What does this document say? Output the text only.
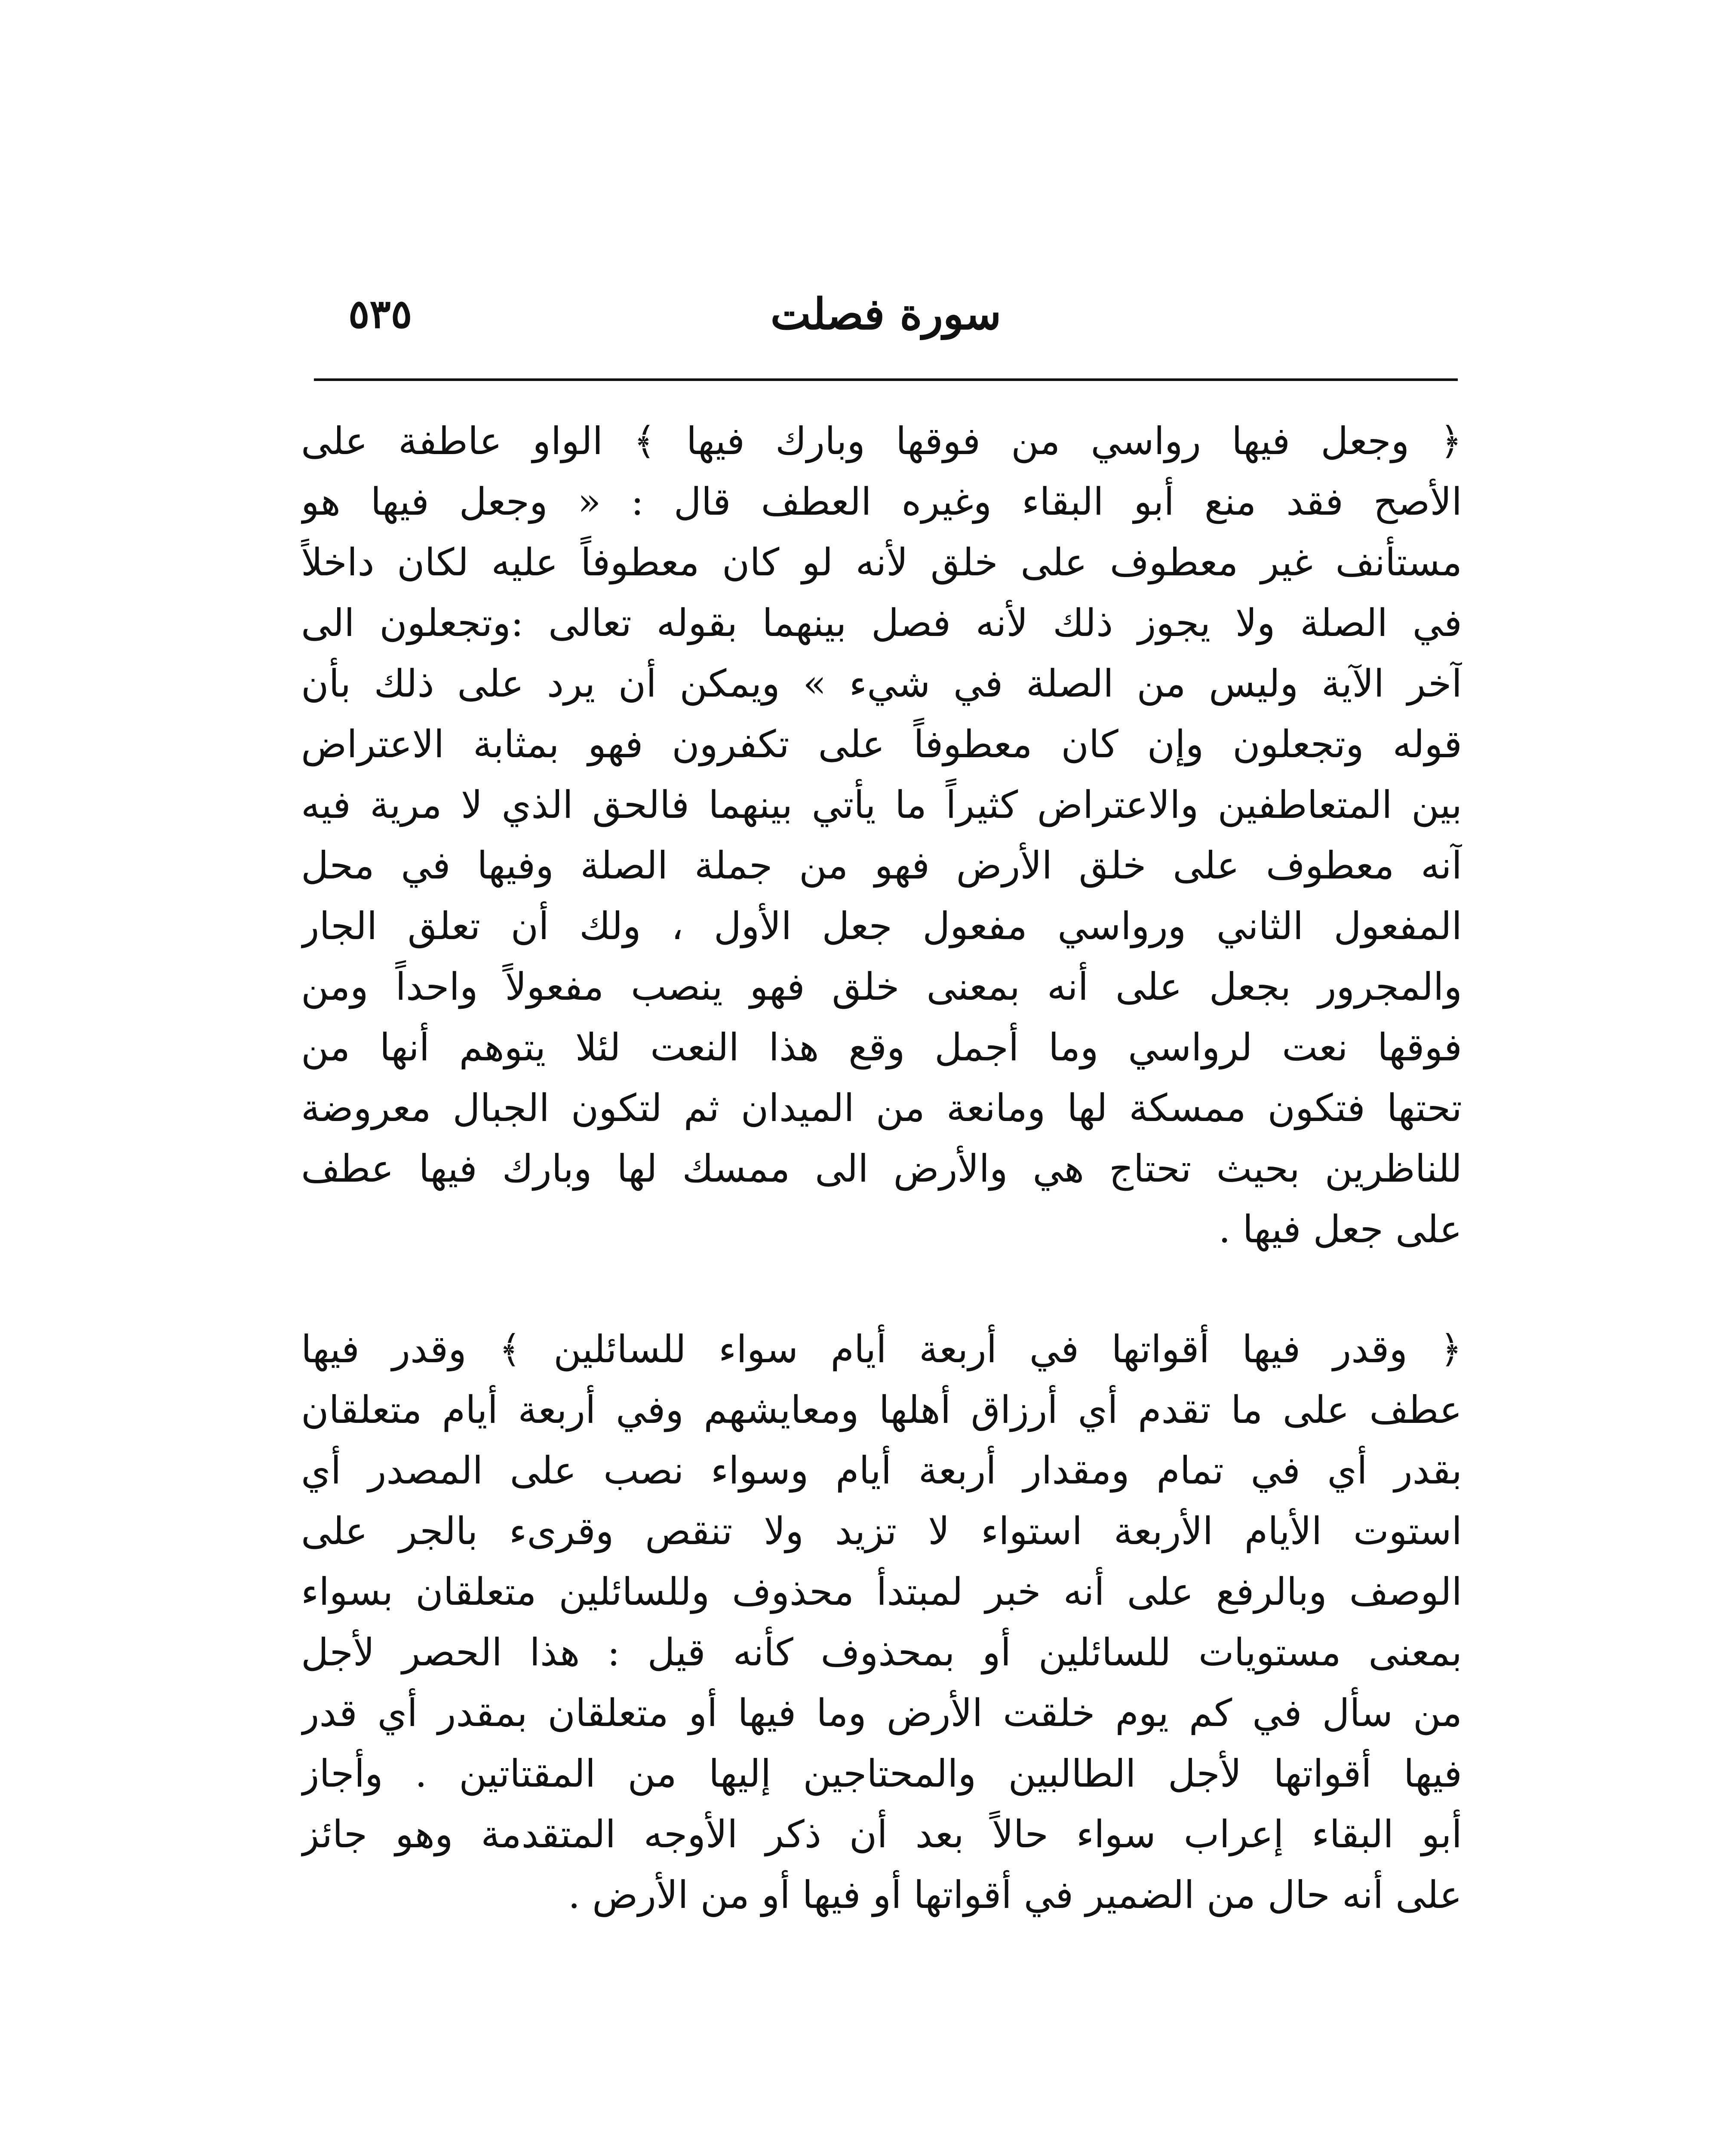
٥٣٥	سورة فصلت
﴿ وجعل فيها رواسي من فوقها وبارك فيها ﴾ الواو عاطفة على
الأصح فقد منع أبو البقاء وغيره العطف قال : « وجعل فيها هو
مستأنف غير معطوف على خلق لأنه لو كان معطوفاً عليه لكان داخلاً
في الصلة ولا يجوز ذلك لأنه فصل بينهما بقوله تعالى :وتجعلون الى
آخر الآية وليس من الصلة في شيء » ويمكن أن يرد على ذلك بأن
قوله وتجعلون وإن كان معطوفاً على تكفرون فهو بمثابة الاعتراض
بين المتعاطفين والاعتراض كثيراً ما يأتي بينهما فالحق الذي لا مرية فيه
آنه معطوف على خلق الأرض فهو من جملة الصلة وفيها في محل
المفعول الثاني ورواسي مفعول جعل الأول ، ولك أن تعلق الجار
والمجرور بجعل على أنه بمعنى خلق فهو ينصب مفعولاً واحداً ومن
فوقها نعت لرواسي وما أجمل وقع هذا النعت لئلا يتوهم أنها من
تحتها فتكون ممسكة لها ومانعة من الميدان ثم لتكون الجبال معروضة
للناظرين بحيث تحتاج هي والأرض الى ممسك لها وبارك فيها عطف
على جعل فيها .
﴿ وقدر فيها أقواتها في أربعة أيام سواء للسائلين ﴾ وقدر فيها
عطف على ما تقدم أي أرزاق أهلها ومعايشهم وفي أربعة أيام متعلقان
بقدر أي في تمام ومقدار أربعة أيام وسواء نصب على المصدر أي
استوت الأيام الأربعة استواء لا تزيد ولا تنقص وقرىء بالجر على
الوصف وبالرفع على أنه خبر لمبتدأ محذوف وللسائلين متعلقان بسواء
بمعنى مستويات للسائلين أو بمحذوف كأنه قيل : هذا الحصر لأجل
من سأل في كم يوم خلقت الأرض وما فيها أو متعلقان بمقدر أي قدر
فيها أقواتها لأجل الطالبين والمحتاجين إليها من المقتاتين . وأجاز
أبو البقاء إعراب سواء حالاً بعد أن ذكر الأوجه المتقدمة وهو جائز
على أنه حال من الضمير في أقواتها أو فيها أو من الأرض .
